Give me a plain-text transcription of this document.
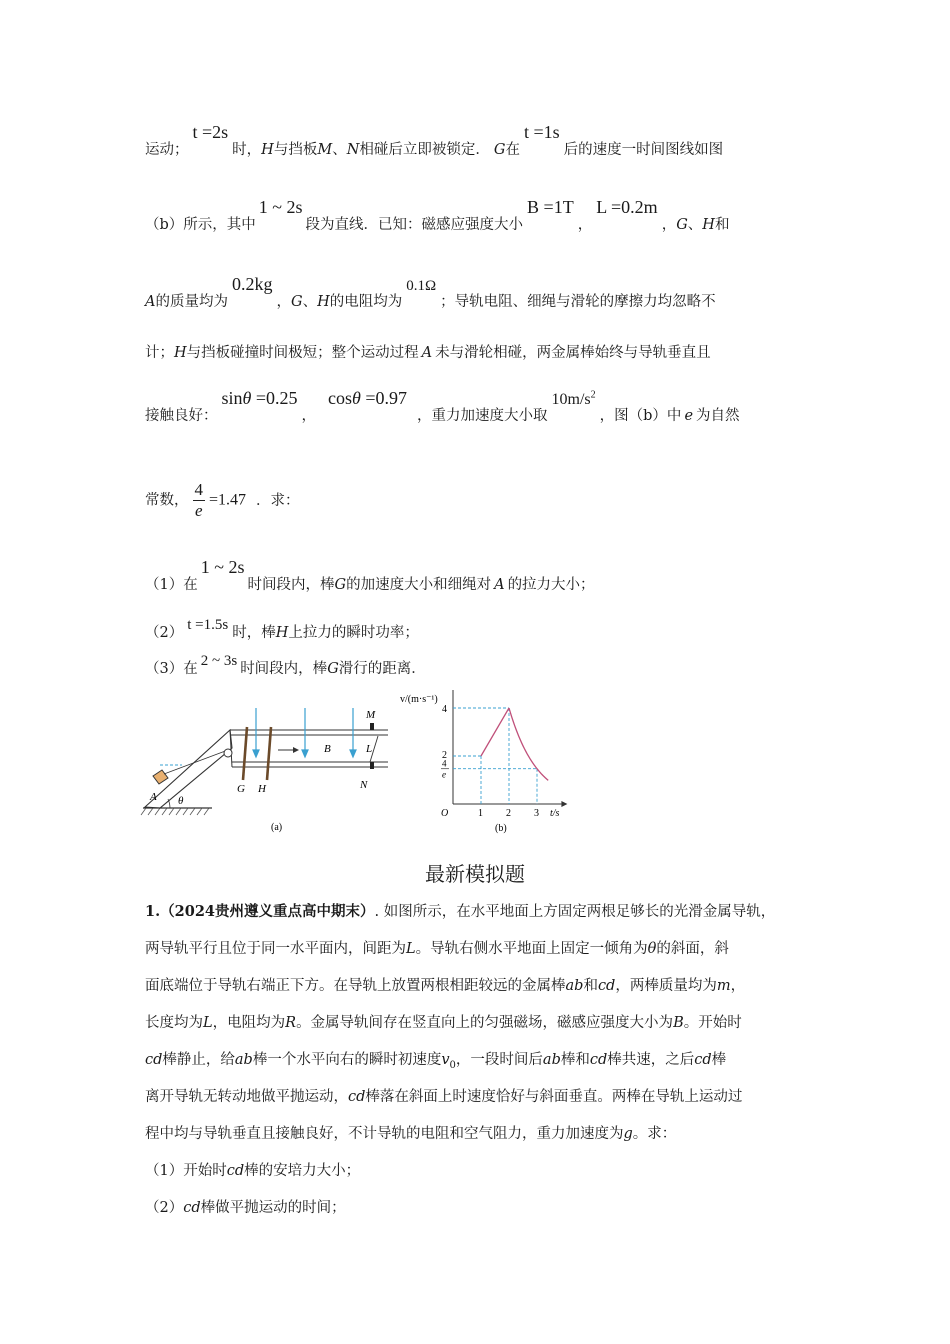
运动；t =2s时，H与挡板M、N相碰后立即被锁定． G在t =1s后的速度一时间图线如图
（b）所示，其中1 ~ 2s段为直线．已知：磁感应强度大小B =1T，L =0.2m，G、H和
A的质量均为0.2kg，G、H的电阻均为0.1Ω；导轨电阻、细绳与滑轮的摩擦力均忽略不
计；H与挡板碰撞时间极短；整个运动过程 A 未与滑轮相碰，两金属棒始终与导轨垂直且
接触良好：sinθ =0.25，cosθ =0.97，重力加速度大小取$10m/s^2$，图（b）中 e 为自然
常数， $\frac{4}{e} =1.47$ ．求：
（1）在1 ~ 2s时间段内，棒G的加速度大小和细绳对 A 的拉力大小；
（2） t =1.5s 时，棒H上拉力的瞬时功率；
（3）在 2 ~ 3s 时间段内，棒G滑行的距离．
A θ
G H
B	L
M
N
(a)
v/(m·s⁻¹)
t/s
O
4
2
4
e
1 2 3
(b)
最新模拟题
1.（2024贵州遵义重点高中期末）. 如图所示，在水平地面上方固定两根足够长的光滑金属导轨，
两导轨平行且位于同一水平面内，间距为L。导轨右侧水平地面上固定一倾角为θ的斜面，斜
面底端位于导轨右端正下方。在导轨上放置两根相距较远的金属棒ab和cd，两棒质量均为m，
长度均为L，电阻均为R。金属导轨间存在竖直向上的匀强磁场，磁感应强度大小为B。开始时
cd棒静止，给ab棒一个水平向右的瞬时初速度$v_0$，一段时间后ab棒和cd棒共速，之后cd棒
离开导轨无转动地做平抛运动，cd棒落在斜面上时速度恰好与斜面垂直。两棒在导轨上运动过
程中均与导轨垂直且接触良好，不计导轨的电阻和空气阻力，重力加速度为g。求：
（1）开始时cd棒的安培力大小；
（2）cd棒做平抛运动的时间；
